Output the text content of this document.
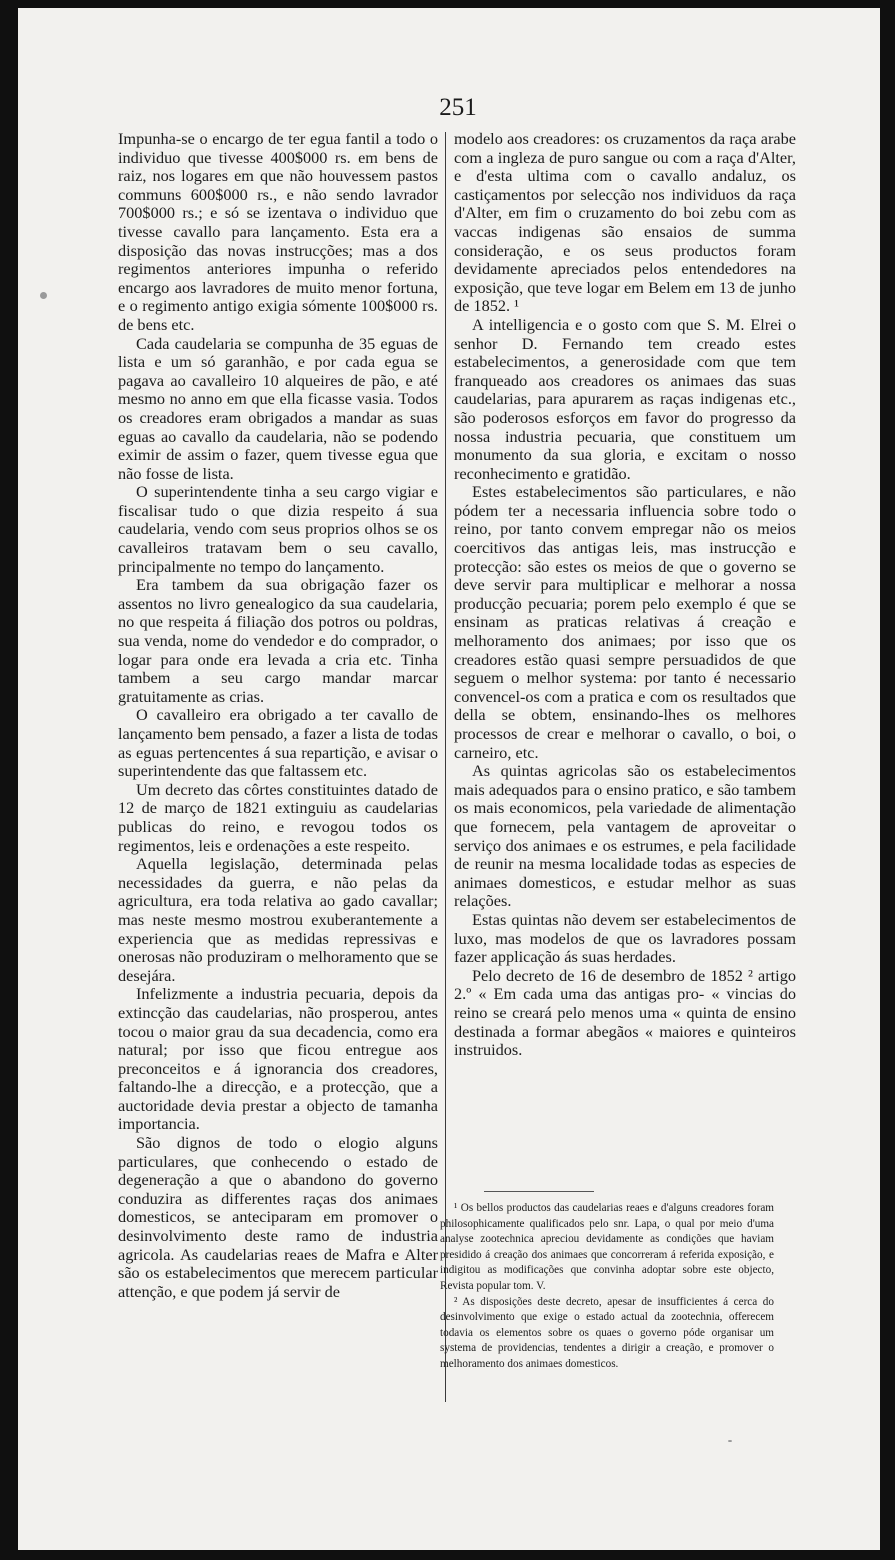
251

Impunha-se o encargo de ter egua fantil a todo o individuo que tivesse 400$000 rs. em bens de raiz, nos logares em que não houvessem pastos communs 600$000 rs., e não sendo lavrador 700$000 rs.; e só se izentava o individuo que tivesse cavallo para lançamento. Esta era a disposição das novas instrucções; mas a dos regimentos anteriores impunha o referido encargo aos lavradores de muito menor fortuna, e o regimento antigo exigia sómente 100$000 rs. de bens etc.

Cada caudelaria se compunha de 35 eguas de lista e um só garanhão, e por cada egua se pagava ao cavalleiro 10 alqueires de pão, e até mesmo no anno em que ella ficasse vasia. Todos os creadores eram obrigados a mandar as suas eguas ao cavallo da caudelaria, não se podendo eximir de assim o fazer, quem tivesse egua que não fosse de lista.

O superintendente tinha a seu cargo vigiar e fiscalisar tudo o que dizia respeito á sua caudelaria, vendo com seus proprios olhos se os cavalleiros tratavam bem o seu cavallo, principalmente no tempo do lançamento.

Era tambem da sua obrigação fazer os assentos no livro genealogico da sua caudelaria, no que respeita á filiação dos potros ou poldras, sua venda, nome do vendedor e do comprador, o logar para onde era levada a cria etc. Tinha tambem a seu cargo mandar marcar gratuitamente as crias.

O cavalleiro era obrigado a ter cavallo de lançamento bem pensado, a fazer a lista de todas as eguas pertencentes á sua repartição, e avisar o superintendente das que faltassem etc.

Um decreto das côrtes constituintes datado de 12 de março de 1821 extinguiu as caudelarias publicas do reino, e revogou todos os regimentos, leis e ordenações a este respeito.

Aquella legislação, determinada pelas necessidades da guerra, e não pelas da agricultura, era toda relativa ao gado cavallar; mas neste mesmo mostrou exuberantemente a experiencia que as medidas repressivas e onerosas não produziram o melhoramento que se desejára.

Infelizmente a industria pecuaria, depois da extincção das caudelarias, não prosperou, antes tocou o maior grau da sua decadencia, como era natural; por isso que ficou entregue aos preconceitos e á ignorancia dos creadores, faltando-lhe a direcção, e a protecção, que a auctoridade devia prestar a objecto de tamanha importancia.

São dignos de todo o elogio alguns particulares, que conhecendo o estado de degeneração a que o abandono do governo conduzira as differentes raças dos animaes domesticos, se anteciparam em promover o desinvolvimento deste ramo de industria agricola. As caudelarias reaes de Mafra e Alter são os estabelecimentos que merecem particular attenção, e que podem já servir de

modelo aos creadores: os cruzamentos da raça arabe com a ingleza de puro sangue ou com a raça d'Alter, e d'esta ultima com o cavallo andaluz, os castiçamentos por selecção nos individuos da raça d'Alter, em fim o cruzamento do boi zebu com as vaccas indigenas são ensaios de summa consideração, e os seus productos foram devidamente apreciados pelos entendedores na exposição, que teve logar em Belem em 13 de junho de 1852. ¹

A intelligencia e o gosto com que S. M. Elrei o senhor D. Fernando tem creado estes estabelecimentos, a generosidade com que tem franqueado aos creadores os animaes das suas caudelarias, para apurarem as raças indigenas etc., são poderosos esforços em favor do progresso da nossa industria pecuaria, que constituem um monumento da sua gloria, e excitam o nosso reconhecimento e gratidão.

Estes estabelecimentos são particulares, e não pódem ter a necessaria influencia sobre todo o reino, por tanto convem empregar não os meios coercitivos das antigas leis, mas instrucção e protecção: são estes os meios de que o governo se deve servir para multiplicar e melhorar a nossa producção pecuaria; porem pelo exemplo é que se ensinam as praticas relativas á creação e melhoramento dos animaes; por isso que os creadores estão quasi sempre persuadidos de que seguem o melhor systema: por tanto é necessario convencel-os com a pratica e com os resultados que della se obtem, ensinando-lhes os melhores processos de crear e melhorar o cavallo, o boi, o carneiro, etc.

As quintas agricolas são os estabelecimentos mais adequados para o ensino pratico, e são tambem os mais economicos, pela variedade de alimentação que fornecem, pela vantagem de aproveitar o serviço dos animaes e os estrumes, e pela facilidade de reunir na mesma localidade todas as especies de animaes domesticos, e estudar melhor as suas relações.

Estas quintas não devem ser estabelecimentos de luxo, mas modelos de que os lavradores possam fazer applicação ás suas herdades.

Pelo decreto de 16 de desembro de 1852 ² artigo 2.º « Em cada uma das antigas pro- « vincias do reino se creará pelo menos uma « quinta de ensino destinada a formar abegãos « maiores e quinteiros instruidos.

¹ Os bellos productos das caudelarias reaes e d'alguns creadores foram philosophicamente qualificados pelo snr. Lapa, o qual por meio d'uma analyse zootechnica apreciou devidamente as condições que haviam presidido á creação dos animaes que concorreram á referida exposição, e indigitou as modificações que convinha adoptar sobre este objecto, Revista popular tom. V.

² As disposições deste decreto, apesar de insufficientes á cerca do desinvolvimento que exige o estado actual da zootechnia, offerecem todavia os elementos sobre os quaes o governo póde organisar um systema de providencias, tendentes a dirigir a creação, e promover o melhoramento dos animaes domesticos.
